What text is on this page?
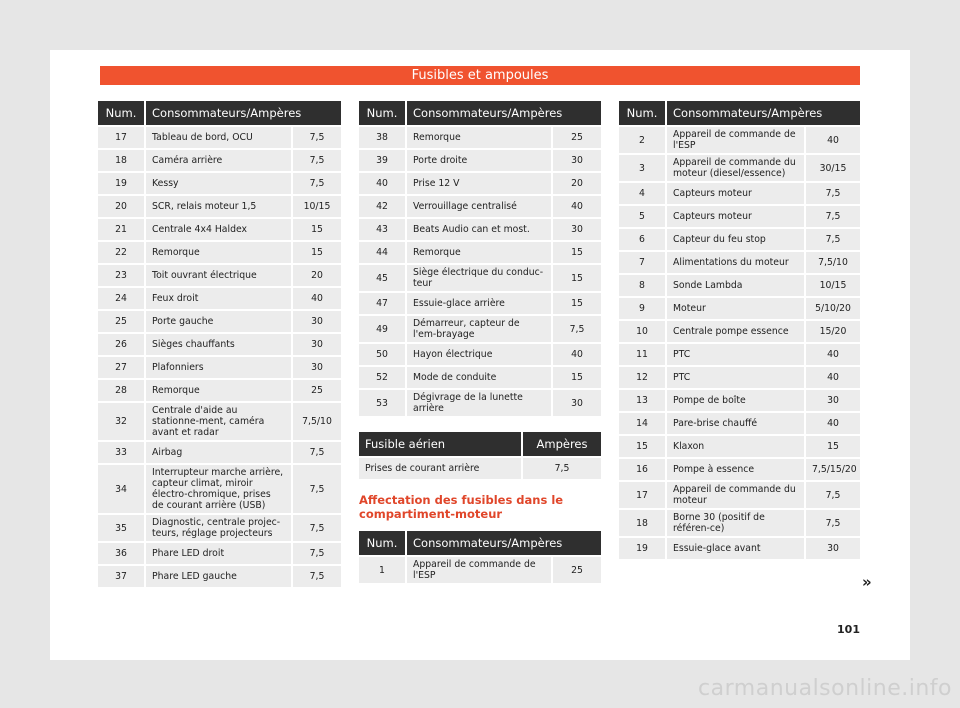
Fusibles et ampoules
Num.	Consommateurs/Ampères	
17	Tableau de bord, OCU	7,5
18	Caméra arrière	7,5
19	Kessy	7,5
20	SCR, relais moteur 1,5	10/15
21	Centrale 4x4 Haldex	15
22	Remorque	15
23	Toit ouvrant électrique	20
24	Feux droit	40
25	Porte gauche	30
26	Sièges chauffants	30
27	Plafonniers	30
28	Remorque	25
32	Centrale d'aide au stationne-ment, caméra avant et radar	7,5/10
33	Airbag	7,5
34	Interrupteur marche arrière, capteur climat, miroir électro-chromique, prises de courant arrière (USB)	7,5
35	Diagnostic, centrale projec-teurs, réglage projecteurs	7,5
36	Phare LED droit	7,5
37	Phare LED gauche	7,5
Num.	Consommateurs/Ampères	
38	Remorque	25
39	Porte droite	30
40	Prise 12 V	20
42	Verrouillage centralisé	40
43	Beats Audio can et most.	30
44	Remorque	15
45	Siège électrique du conduc-teur	15
47	Essuie-glace arrière	15
49	Démarreur, capteur de l'em-brayage	7,5
50	Hayon électrique	40
52	Mode de conduite	15
53	Dégivrage de la lunette arrière	30
Fusible aérien	Ampères
Prises de courant arrière	7,5
Affectation des fusibles dans le compartiment-moteur
Num.	Consommateurs/Ampères	
1	Appareil de commande de l'ESP	25
Num.	Consommateurs/Ampères	
2	Appareil de commande de l'ESP	40
3	Appareil de commande du moteur (diesel/essence)	30/15
4	Capteurs moteur	7,5
5	Capteurs moteur	7,5
6	Capteur du feu stop	7,5
7	Alimentations du moteur	7,5/10
8	Sonde Lambda	10/15
9	Moteur	5/10/20
10	Centrale pompe essence	15/20
11	PTC	40
12	PTC	40
13	Pompe de boîte	30
14	Pare-brise chauffé	40
15	Klaxon	15
16	Pompe à essence	7,5/15/20
17	Appareil de commande du moteur	7,5
18	Borne 30 (positif de référen-ce)	7,5
19	Essuie-glace avant	30
»
101
carmanualsonline.info
